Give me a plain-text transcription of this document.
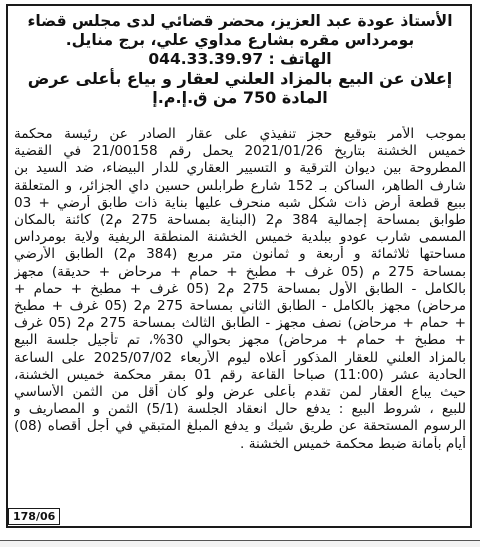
الأستاذ عودة عبد العزيز، محضر قضائي لدى مجلس قضاء
بومرداس مقره بشارع مداوي علي، برج منايل.
الهاتف : 044.33.39.97
إعلان عن البيع بالمزاد العلني لعقار و بياع بأعلى عرض
المادة 750 من ق.إ.م.إ
بموجب الأمر بتوقيع حجز تنفيذي على عقار الصادر عن رئيسة محكمة
خميس الخشنة بتاريخ 2021/01/26 يحمل رقم 21/00158 في القضية
المطروحة بين ديوان الترقية و التسيير العقاري للدار البيضاء، ضد السيد بن
شارف الطاهر، الساكن بـ 152 شارع طرابلس حسين داي الجزائر، و المتعلقة
ببيع قطعة أرض ذات شكل شبه منحرف عليها بناية ذات طابق أرضي + 03
طوابق بمساحة إجمالية 384 م2 (البناية بمساحة 275 م2) كائنة بالمكان
المسمى شارب عودو ببلدية خميس الخشنة المنطقة الريفية ولاية بومرداس
مساحتها ثلاثمائة و أربعة و ثمانون متر مربع (384 م2) الطابق الأرضي
بمساحة 275 م (05 غرف + مطبخ + حمام + مرحاض + حديقة) مجهز
بالكامل - الطابق الأول بمساحة 275 م2 (05 غرف + مطبخ + حمام +
مرحاض) مجهز بالكامل - الطابق الثاني بمساحة 275 م2 (05 غرف + مطبخ
+ حمام + مرحاض) نصف مجهز - الطابق الثالث بمساحة 275 م2 (05 غرف
+ مطبخ + حمام + مرحاض) مجهز بحوالي 30%، تم تأجيل جلسة البيع
بالمزاد العلني للعقار المذكور أعلاه ليوم الأربعاء 2025/07/02 على الساعة
الحادية عشر (11:00) صباحا القاعة رقم 01 بمقر محكمة خميس الخشنة،
حيث يباع العقار لمن تقدم بأعلى عرض ولو كان أقل من الثمن الأساسي
للبيع ، شروط البيع : يدفع حال انعقاد الجلسة (5/1) الثمن و المصاريف و
الرسوم المستحقة عن طريق شيك و يدفع المبلغ المتبقي في أجل أقصاه (08)
أيام بأمانة ضبط محكمة خميس الخشنة .
178/06
